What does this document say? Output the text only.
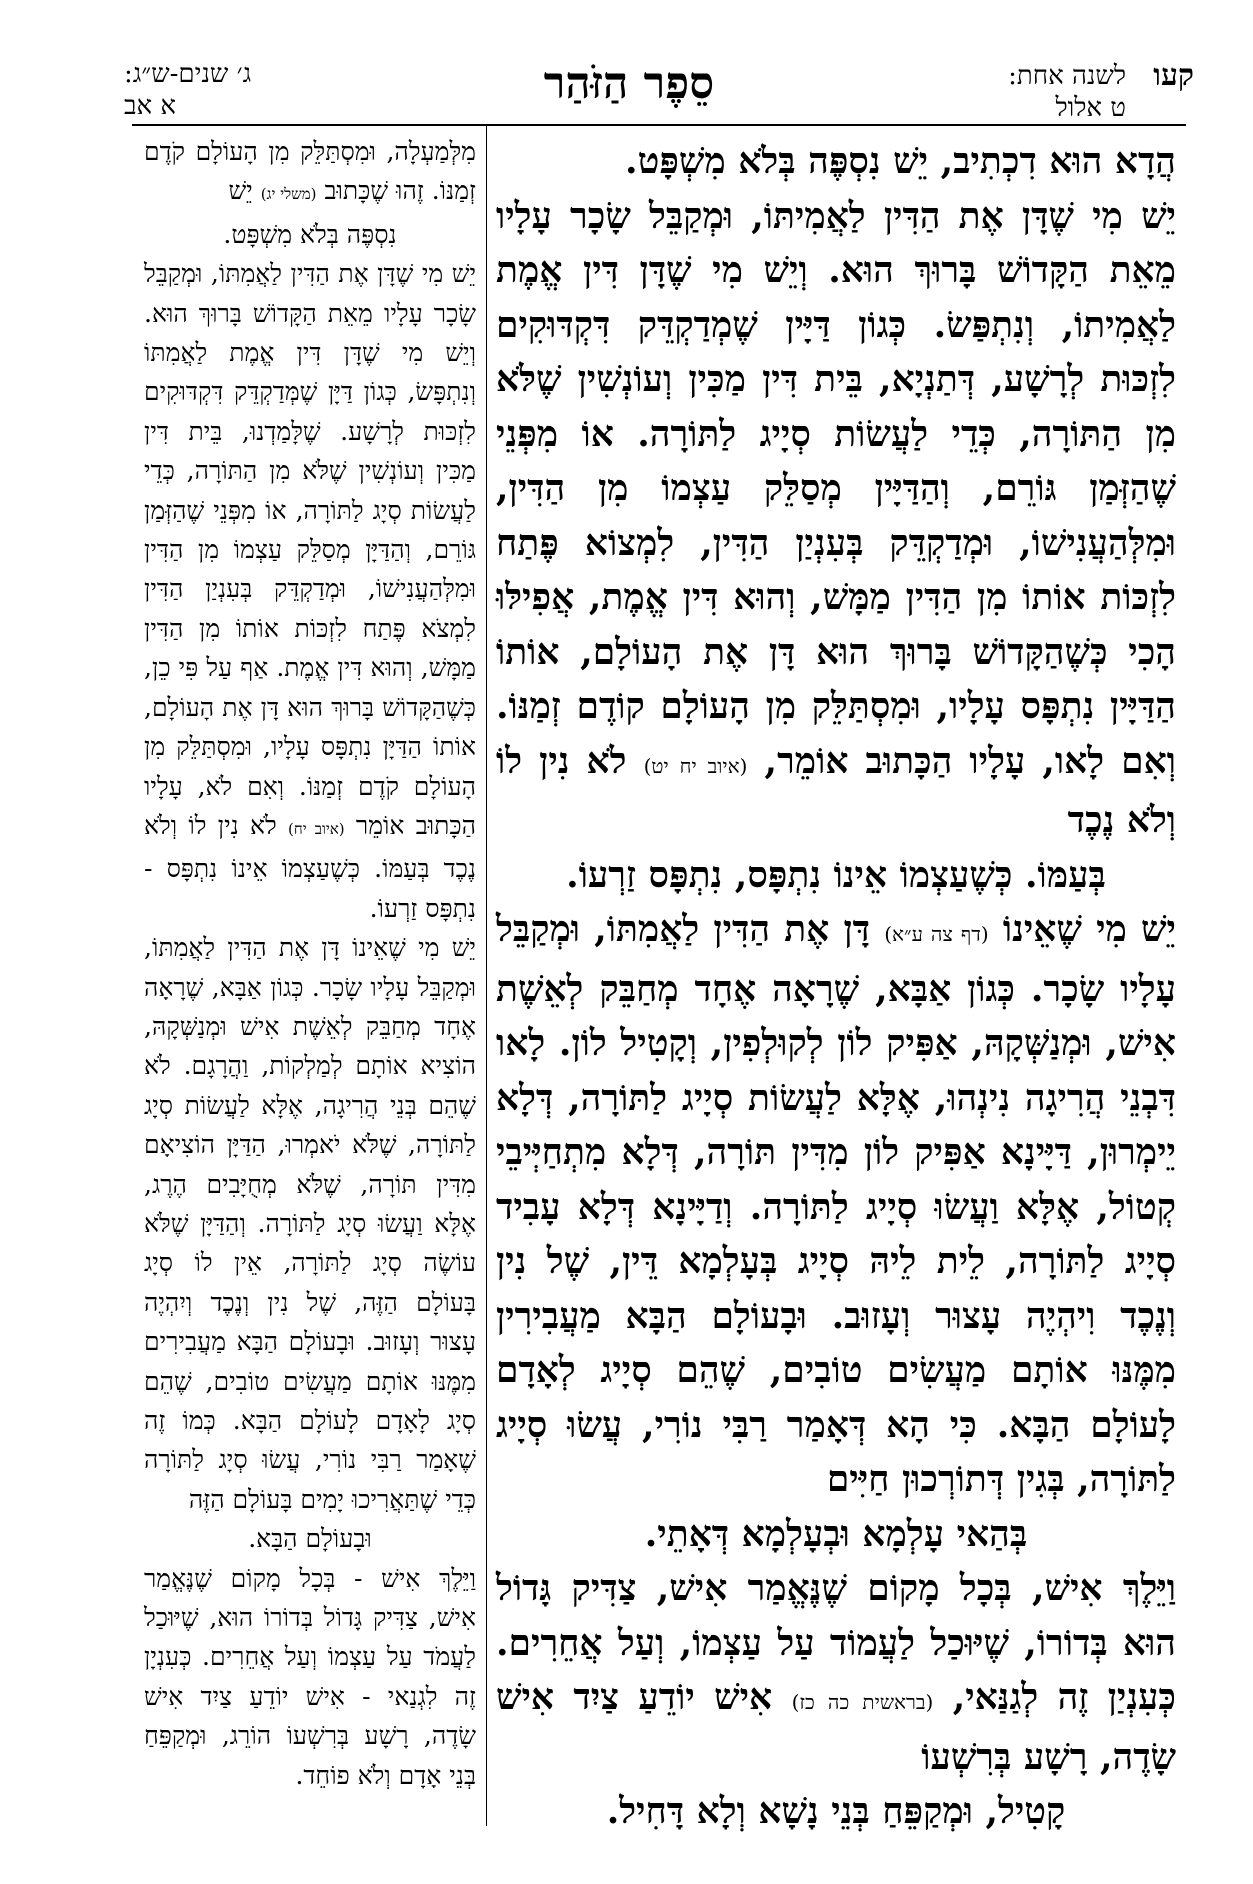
ג׳ שנים-ש״ג:
א אב	סֵפֶר הַזֹּהַר	קעו
לשנה אחת:
ט אלול

הֲדָא הוּא דִכְתִיב, יֵשׁ נִסְפֶּה בְּלֹא מִשְׁפָּט.

יֵשׁ מִי שֶׁדָּן אֶת הַדִּין לַאֲמִיתּוֹ, וּמְקַבֵּל שָׂכָר עָלָיו מֵאֵת הַקָּדוֹשׁ בָּרוּךְ הוּא. וְיֵשׁ מִי שֶׁדָּן דִּין אֱמֶת לַאֲמִיתוֹ, וְנִתְפַּשׂ. כְּגוֹן דַּיָּין שֶׁמְדַקְדֵּק דִּקְדּוּקִים לִזְכּוּת לְרָשָׁע, דְּתַנְיָא, בֵּית דִּין מַכִּין וְעוֹנְשִׁין שֶׁלֹּא מִן הַתּוֹרָה, כְּדֵי לַעֲשׂוֹת סְיָיג לַתּוֹרָה. אוֹ מִפְּנֵי שֶׁהַזְּמַן גּוֹרֵם, וְהַדַּיָּין מְסַלֵּק עַצְמוֹ מִן הַדִּין, וּמִלְּהַעֲנִישׁוֹ, וּמְדַקְדֵּק בְּעִנְיַן הַדִּין, לִמְצוֹא פֶּתַח לִזְכּוֹת אוֹתוֹ מִן הַדִּין מַמָּשׁ, וְהוּא דִּין אֱמֶת, אֲפִילּוּ הָכִי כְּשֶׁהַקָּדוֹשׁ בָּרוּךְ הוּא דָּן אֶת הָעוֹלָם, אוֹתוֹ הַדַּיָּין נִתְפָּס עָלָיו, וּמִסְתַּלֵּק מִן הָעוֹלָם קוֹדֶם זְמַנּוֹ. וְאִם לָאו, עָלָיו הַכָּתוּב אוֹמֵר, (איוב יח יט) לֹא נִין לוֹ וְלֹא נֶכֶד

בְּעַמּוֹ. כְּשֶׁעַצְמוֹ אֵינוֹ נִתְפָּס, נִתְפָּס זַרְעוֹ.

יֵשׁ מִי שֶׁאֵינוֹ (דף צה ע״א) דָּן אֶת הַדִּין לַאֲמִתּוֹ, וּמְקַבֵּל עָלָיו שָׂכָר. כְּגוֹן אַבָּא, שֶׁרָאָה אֶחָד מְחַבֵּק לְאֵשֶׁת אִישׁ, וּמְנַשְּׁקָהּ, אַפִּיק לוֹן לְקוּלְפִין, וְקָטִיל לוֹן. לָאו דִּבְנֵי הֲרִיגָה נִינְהוּ, אֶלָּא לַעֲשׂוֹת סְיָיג לַתּוֹרָה, דְּלָא יֵימְרוּן, דַּיָּינָא אַפִּיק לוֹן מִדִּין תּוֹרָה, דְּלָא מִתְחַיְּיבֵי קְטוֹל, אֶלָּא וַעֲשׂוּ סְיָיג לַתּוֹרָה. וְדַיָּינָא דְּלָא עָבִיד סְיָיג לַתּוֹרָה, לֵית לֵיהּ סְיָיג בְּעָלְמָא דֵּין, שֶׁל נִין וְנֶכֶד וִיהְיֶה עָצוּר וְעָזוּב. וּבָעוֹלָם הַבָּא מַעֲבִירִין מִמֶּנּוּ אוֹתָם מַעֲשִׂים טוֹבִים, שֶׁהֵם סְיָיג לְאָדָם לָעוֹלָם הַבָּא. כִּי הָא דְּאָמַר רַבִּי נוֹרִי, עֲשׂוּ סְיָיג לַתּוֹרָה, בְּגִין דְּתוֹרְכוּן חַיִּים

בְּהַאי עָלְמָא וּבְעָלְמָא דְּאָתֵי.

וַיֵּלֶךְ אִישׁ, בְּכָל מָקוֹם שֶׁנֶּאֱמַר אִישׁ, צַדִּיק גָּדוֹל הוּא בְּדוֹרוֹ, שֶׁיּוּכַל לַעֲמוֹד עַל עַצְמוֹ, וְעַל אֲחֵרִים. כְּעִנְיַן זֶה לְגַנַּאי, (בראשית כה כז) אִישׁ יוֹדֵעַ צַיִד אִישׁ שָׂדֶה, רָשָׁע בְּרִשְׁעוֹ

קָטִיל, וּמְקַפֵּחַ בְּנֵי נָשָׁא וְלָא דָּחִיל.

מִלְּמַעְלָה, וּמִסְתַּלֵּק מִן הָעוֹלָם קֹדֶם זְמַנּוֹ. זֶהוּ שֶׁכָּתוּב (משלי יג) יֵשׁ

נִסְפֶּה בְּלֹא מִשְׁפָּט.

יֵשׁ מִי שֶׁדָּן אֶת הַדִּין לַאֲמִתּוֹ, וּמְקַבֵּל שָׂכָר עָלָיו מֵאֵת הַקָּדוֹשׁ בָּרוּךְ הוּא. וְיֵשׁ מִי שֶׁדָּן דִּין אֱמֶת לַאֲמִתּוֹ וְנִתְפָּשׂ, כְּגוֹן דַּיָּן שֶׁמְּדַקְדֵּק דִּקְדּוּקִים לִזְכּוּת לְרָשָׁע. שֶׁלָּמַדְנוּ, בֵּית דִּין מַכִּין וְעוֹנְשִׁין שֶׁלֹּא מִן הַתּוֹרָה, כְּדֵי לַעֲשׂוֹת סְיָג לַתּוֹרָה, אוֹ מִפְּנֵי שֶׁהַזְּמַן גּוֹרֵם, וְהַדַּיָּן מְסַלֵּק עַצְמוֹ מִן הַדִּין וּמִלְּהַעֲנִישׁוֹ, וּמְדַקְדֵּק בְּעִנְיַן הַדִּין לִמְצֹא פֶּתַח לִזְכּוֹת אוֹתוֹ מִן הַדִּין מַמָּשׁ, וְהוּא דִּין אֱמֶת. אַף עַל פִּי כֵן, כְּשֶׁהַקָּדוֹשׁ בָּרוּךְ הוּא דָּן אֶת הָעוֹלָם, אוֹתוֹ הַדַּיָּן נִתְפָּס עָלָיו, וּמִסְתַּלֵּק מִן הָעוֹלָם קֹדֶם זְמַנּוֹ. וְאִם לֹא, עָלָיו הַכָּתוּב אוֹמֵר (איוב יח) לֹא נִין לוֹ וְלֹא נֶכֶד בְּעַמּוֹ. כְּשֶׁעַצְמוֹ אֵינוֹ נִתְפָּס - נִתְפָּס זַרְעוֹ.

יֵשׁ מִי שֶׁאֵינוֹ דָּן אֶת הַדִּין לַאֲמִתּוֹ, וּמְקַבֵּל עָלָיו שָׂכָר. כְּגוֹן אַבָּא, שֶׁרָאָה אֶחָד מְחַבֵּק לְאֵשֶׁת אִישׁ וּמְנַשְּׁקָהּ, הוֹצִיא אוֹתָם לְמַלְקוֹת, וַהֲרָגָם. לֹא שֶׁהֵם בְּנֵי הֲרִיגָה, אֶלָּא לַעֲשׂוֹת סְיָג לַתּוֹרָה, שֶׁלֹּא יֹאמְרוּ, הַדַּיָּן הוֹצִיאָם מִדִּין תּוֹרָה, שֶׁלֹּא מְחֻיָּבִים הֶרֶג, אֶלָּא וַעֲשׂוּ סְיָג לַתּוֹרָה. וְהַדַּיָּן שֶׁלֹּא עוֹשֶׂה סְיָג לַתּוֹרָה, אֵין לוֹ סְיָג בָּעוֹלָם הַזֶּה, שֶׁל נִין וְנֶכֶד וְיִהְיֶה עָצוּר וְעָזוּב. וּבָעוֹלָם הַבָּא מַעֲבִירִים מִמֶּנּוּ אוֹתָם מַעֲשִׂים טוֹבִים, שֶׁהֵם סְיָג לָאָדָם לָעוֹלָם הַבָּא. כְּמוֹ זֶה שֶׁאָמַר רַבִּי נוֹרִי, עֲשׂוּ סְיָג לַתּוֹרָה כְּדֵי שֶׁתַּאֲרִיכוּ יָמִים בָּעוֹלָם הַזֶּה

וּבָעוֹלָם הַבָּא.

וַיֵּלֶךְ אִישׁ - בְּכָל מָקוֹם שֶׁנֶּאֱמַר אִישׁ, צַדִּיק גָּדוֹל בְּדוֹרוֹ הוּא, שֶׁיּוּכַל לַעֲמֹד עַל עַצְמוֹ וְעַל אֲחֵרִים. כְּעִנְיָן זֶה לִגְנַאי - אִישׁ יוֹדֵעַ צַיִד אִישׁ שָׂדֶה, רָשָׁע בְּרִשְׁעוֹ הוֹרֵג, וּמְקַפֵּחַ בְּנֵי אָדָם וְלֹא פוֹחֵד.
